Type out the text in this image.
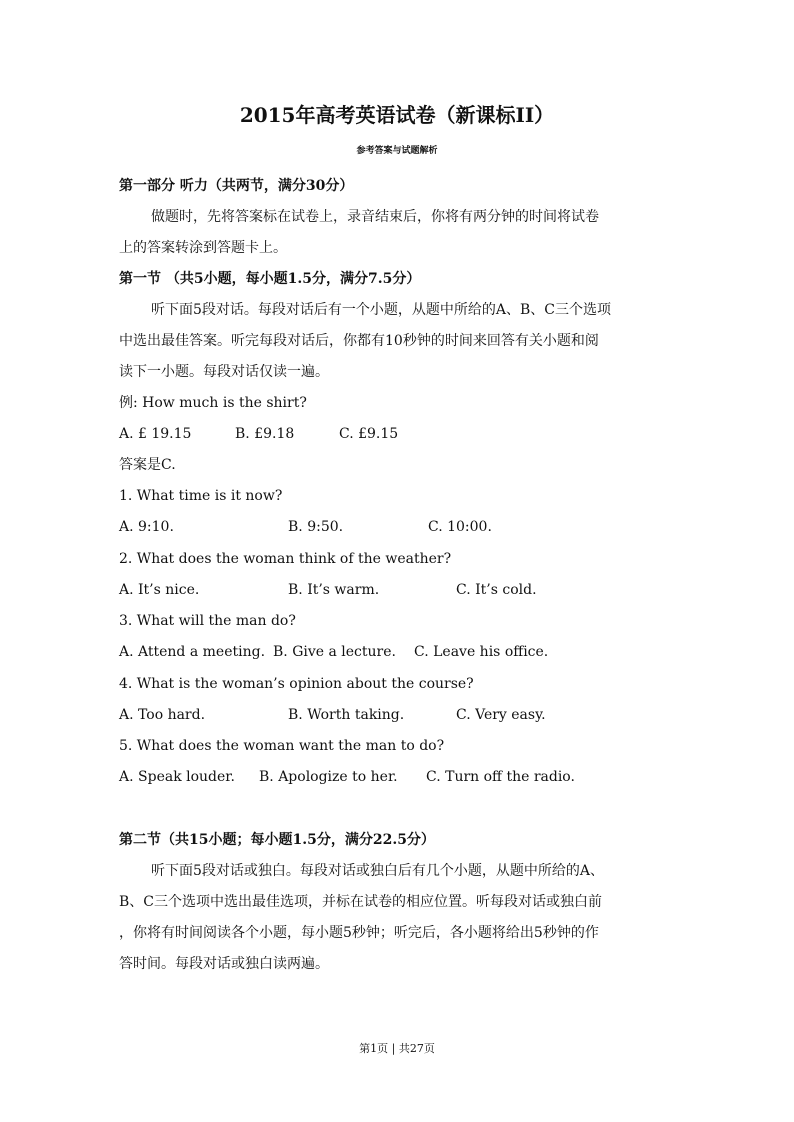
2015年高考英语试卷（新课标II）
参考答案与试题解析
第一部分 听力（共两节，满分30分）
做题时，先将答案标在试卷上，录音结束后，你将有两分钟的时间将试卷
上的答案转涂到答题卡上。
第一节 （共5小题，每小题1.5分，满分7.5分）
听下面5段对话。每段对话后有一个小题，从题中所给的A、B、C三个选项
中选出最佳答案。听完每段对话后，你都有10秒钟的时间来回答有关小题和阅
读下一小题。每段对话仅读一遍。
例: How much is the shirt?
A. £ 19.15	B. £9.18	C. £9.15
答案是C.
1. What time is it now?
A. 9:10.	B. 9:50.	C. 10:00.
2. What does the woman think of the weather?
A. It’s nice.	B. It’s warm.	C. It’s cold.
3. What will the man do?
A. Attend a meeting. B. Give a lecture. C. Leave his office.
4. What is the woman’s opinion about the course?
A. Too hard.	B. Worth taking.	C. Very easy.
5. What does the woman want the man to do?
A. Speak louder. B. Apologize to her. C. Turn off the radio.
第二节（共15小题；每小题1.5分，满分22.5分）
听下面5段对话或独白。每段对话或独白后有几个小题，从题中所给的A、
B、C三个选项中选出最佳选项，并标在试卷的相应位置。听每段对话或独白前
，你将有时间阅读各个小题，每小题5秒钟；听完后，各小题将给出5秒钟的作
答时间。每段对话或独白读两遍。
第1页 | 共27页
